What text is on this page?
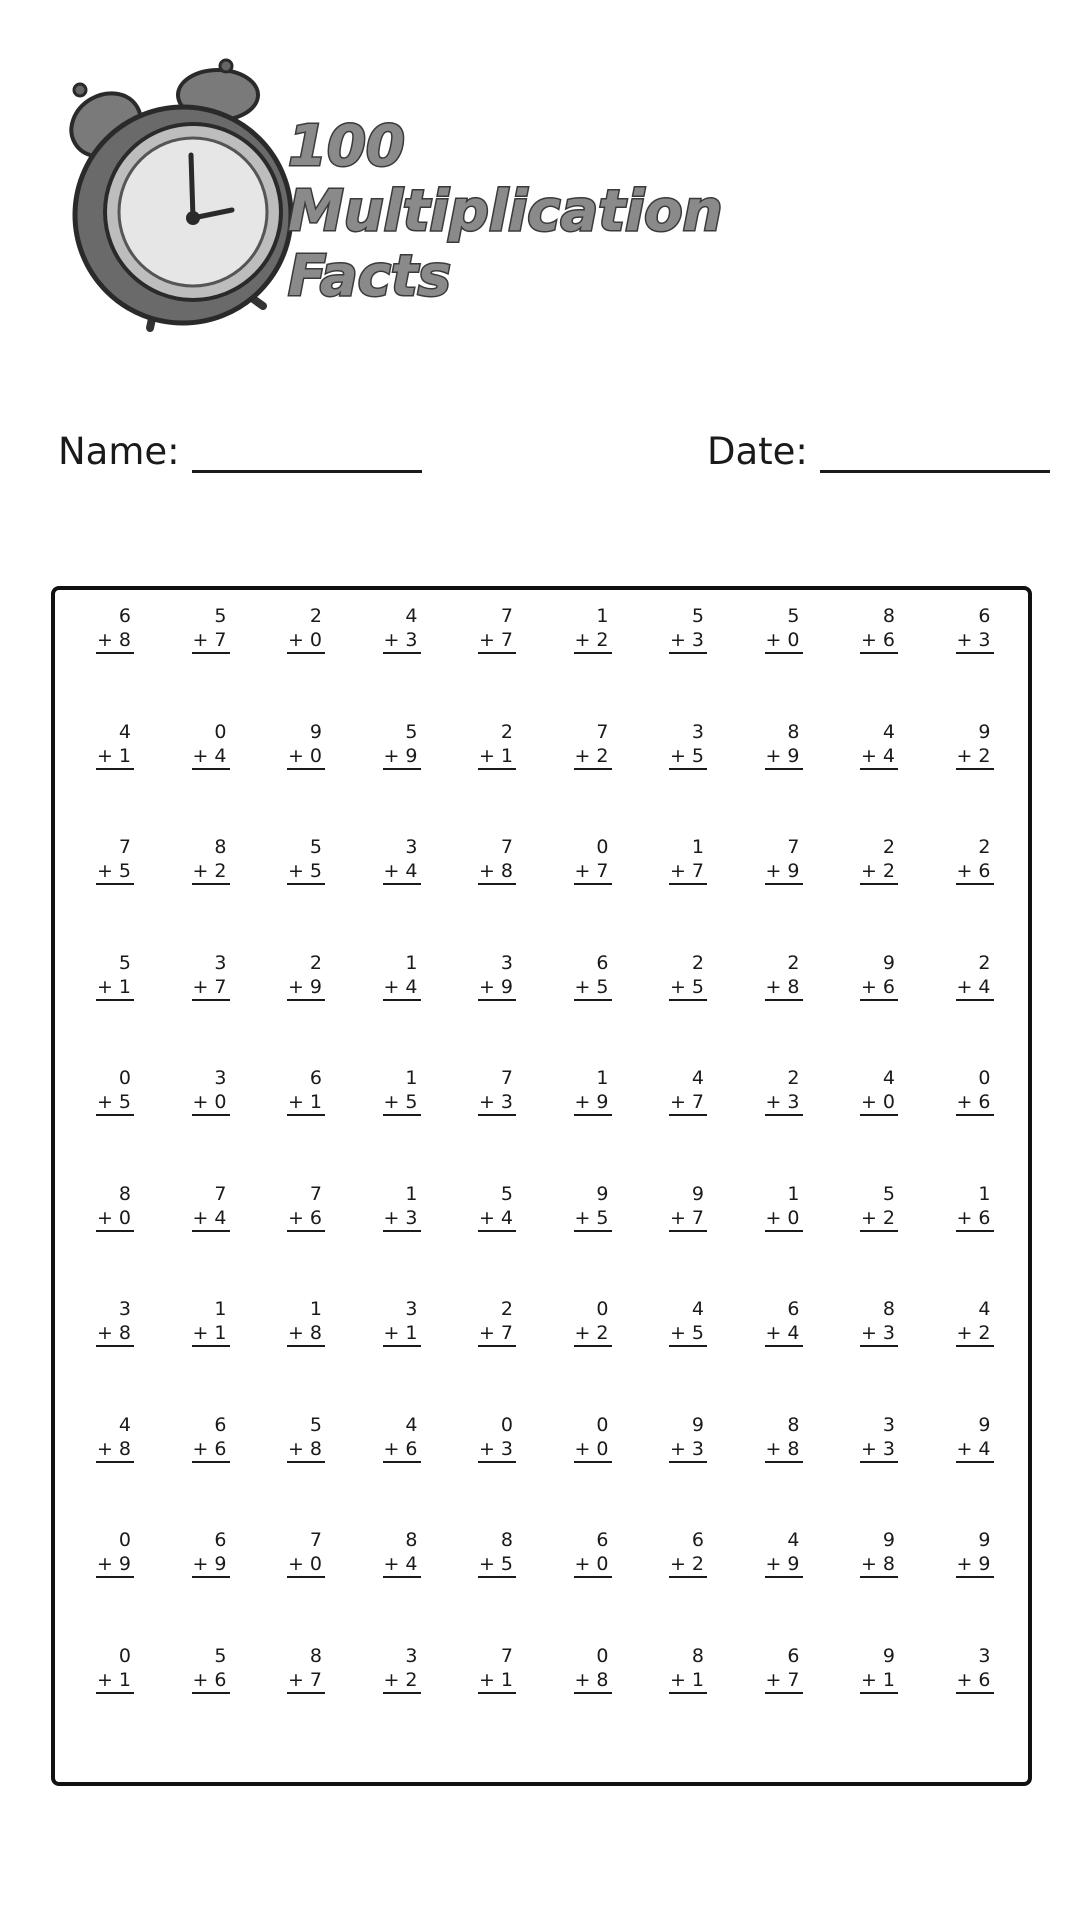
100
Multiplication
Facts
Name:	Date:
6
+ 8
5
+ 7
2
+ 0
4
+ 3
7
+ 7
1
+ 2
5
+ 3
5
+ 0
8
+ 6
6
+ 3
4
+ 1
0
+ 4
9
+ 0
5
+ 9
2
+ 1
7
+ 2
3
+ 5
8
+ 9
4
+ 4
9
+ 2
7
+ 5
8
+ 2
5
+ 5
3
+ 4
7
+ 8
0
+ 7
1
+ 7
7
+ 9
2
+ 2
2
+ 6
5
+ 1
3
+ 7
2
+ 9
1
+ 4
3
+ 9
6
+ 5
2
+ 5
2
+ 8
9
+ 6
2
+ 4
0
+ 5
3
+ 0
6
+ 1
1
+ 5
7
+ 3
1
+ 9
4
+ 7
2
+ 3
4
+ 0
0
+ 6
8
+ 0
7
+ 4
7
+ 6
1
+ 3
5
+ 4
9
+ 5
9
+ 7
1
+ 0
5
+ 2
1
+ 6
3
+ 8
1
+ 1
1
+ 8
3
+ 1
2
+ 7
0
+ 2
4
+ 5
6
+ 4
8
+ 3
4
+ 2
4
+ 8
6
+ 6
5
+ 8
4
+ 6
0
+ 3
0
+ 0
9
+ 3
8
+ 8
3
+ 3
9
+ 4
0
+ 9
6
+ 9
7
+ 0
8
+ 4
8
+ 5
6
+ 0
6
+ 2
4
+ 9
9
+ 8
9
+ 9
0
+ 1
5
+ 6
8
+ 7
3
+ 2
7
+ 1
0
+ 8
8
+ 1
6
+ 7
9
+ 1
3
+ 6
